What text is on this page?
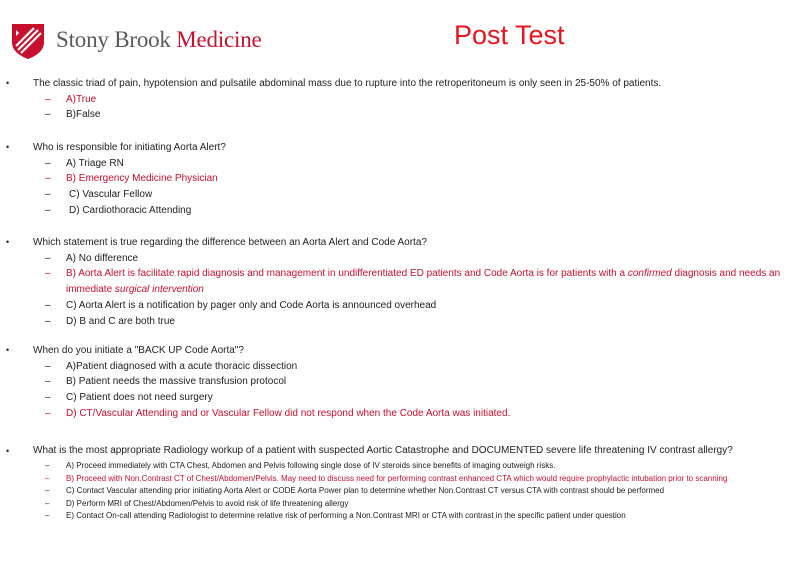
Stony Brook Medicine	Post Test
• The classic triad of pain, hypotension and pulsatile abdominal mass due to rupture into the retroperitoneum is only seen in 25-50% of patients.
– A)True
– B)False
• Who is responsible for initiating Aorta Alert?
– A) Triage RN
– B) Emergency Medicine Physician
– C) Vascular Fellow
– D) Cardiothoracic Attending
• Which statement is true regarding the difference between an Aorta Alert and Code Aorta?
– A) No difference
– B) Aorta Alert is facilitate rapid diagnosis and management in undifferentiated ED patients and Code Aorta is for patients with a confirmed diagnosis and needs an immediate surgical intervention
– C) Aorta Alert is a notification by pager only and Code Aorta is announced overhead
– D) B and C are both true
• When do you initiate a "BACK UP Code Aorta"?
– A)Patient diagnosed with a acute thoracic dissection
– B) Patient needs the massive transfusion protocol
– C) Patient does not need surgery
– D) CT/Vascular Attending and or Vascular Fellow did not respond when the Code Aorta was initiated.
• What is the most appropriate Radiology workup of a patient with suspected Aortic Catastrophe and DOCUMENTED severe life threatening IV contrast allergy?
– A) Proceed immediately with CTA Chest, Abdomen and Pelvis following single dose of IV steroids since benefits of imaging outweigh risks.
– B) Proceed with Non.Contrast CT of Chest/Abdomen/Pelvis. May need to discuss need for performing contrast enhanced CTA which would require prophylactic intubation prior to scanning
– C) Contact Vascular attending prior initiating Aorta Alert or CODE Aorta Power plan to determine whether Non.Contrast CT versus CTA with contrast should be performed
– D) Perform MRI of Chest/Abdomen/Pelvis to avoid risk of life threatening allergy
– E) Contact On-call attending Radiologist to determine relative risk of performing a Non.Contrast MRI or CTA with contrast in the specific patient under question
